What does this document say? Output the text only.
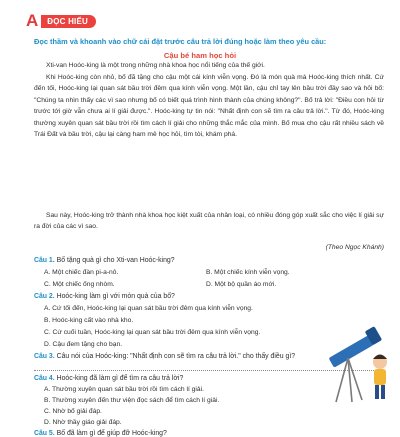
A	ĐỌC HIỂU
Đọc thầm và khoanh vào chữ cái đặt trước câu trả lời đúng hoặc làm theo yêu cầu:
Cậu bé ham học hỏi
Xti-van Hoóc-king là một trong những nhà khoa học nổi tiếng của thế giới.
Khi Hoóc-king còn nhỏ, bố đã tặng cho cậu một cái kính viễn vọng. Đó là món quà mà Hoóc-king thích nhất. Cứ đến tối, Hoóc-king lại quan sát bầu trời đêm qua kính viễn vọng. Một lần, cậu chỉ tay lên bầu trời đầy sao và hỏi bố: "Chúng ta nhìn thấy các vì sao nhưng bố có biết quá trình hình thành của chúng không?". Bố trả lời: "Điều con hỏi từ trước tới giờ vẫn chưa ai lí giải được.". Hoóc-king tự tin nói: "Nhất định con sẽ tìm ra câu trả lời.". Từ đó, Hoóc-king thường xuyên quan sát bầu trời rồi tìm cách lí giải cho những thắc mắc của mình. Bố mua cho cậu rất nhiều sách về Trái Đất và bầu trời, cậu lại càng ham mê học hỏi, tìm tòi, khám phá.
Sau này, Hoóc-king trở thành nhà khoa học kiệt xuất của nhân loại, có nhiều đóng góp xuất sắc cho việc lí giải sự ra đời của các vì sao.
(Theo Ngọc Khánh)
Câu 1. Bố tặng quà gì cho Xti-van Hoóc-king?
A. Một chiếc đàn pi-a-nô.	B. Một chiếc kính viễn vọng.
C. Một chiếc ống nhòm.	D. Một bộ quần áo mới.
Câu 2. Hoóc-king làm gì với món quà của bố?
A. Cứ tối đến, Hoóc-king lại quan sát bầu trời đêm qua kính viễn vọng.
B. Hoóc-king cất vào nhà kho.
C. Cứ cuối tuần, Hoóc-king lại quan sát bầu trời đêm qua kính viễn vọng.
D. Cậu đem tặng cho bạn.
Câu 3. Câu nói của Hoóc-king: "Nhất định con sẽ tìm ra câu trả lời." cho thấy điều gì?
Câu 4. Hoóc-king đã làm gì để tìm ra câu trả lời?
A. Thường xuyên quan sát bầu trời rồi tìm cách lí giải.
B. Thường xuyên đến thư viện đọc sách để tìm cách lí giải.
C. Nhờ bố giải đáp.
D. Nhờ thầy giáo giải đáp.
Câu 5. Bố đã làm gì để giúp đỡ Hoóc-king?
